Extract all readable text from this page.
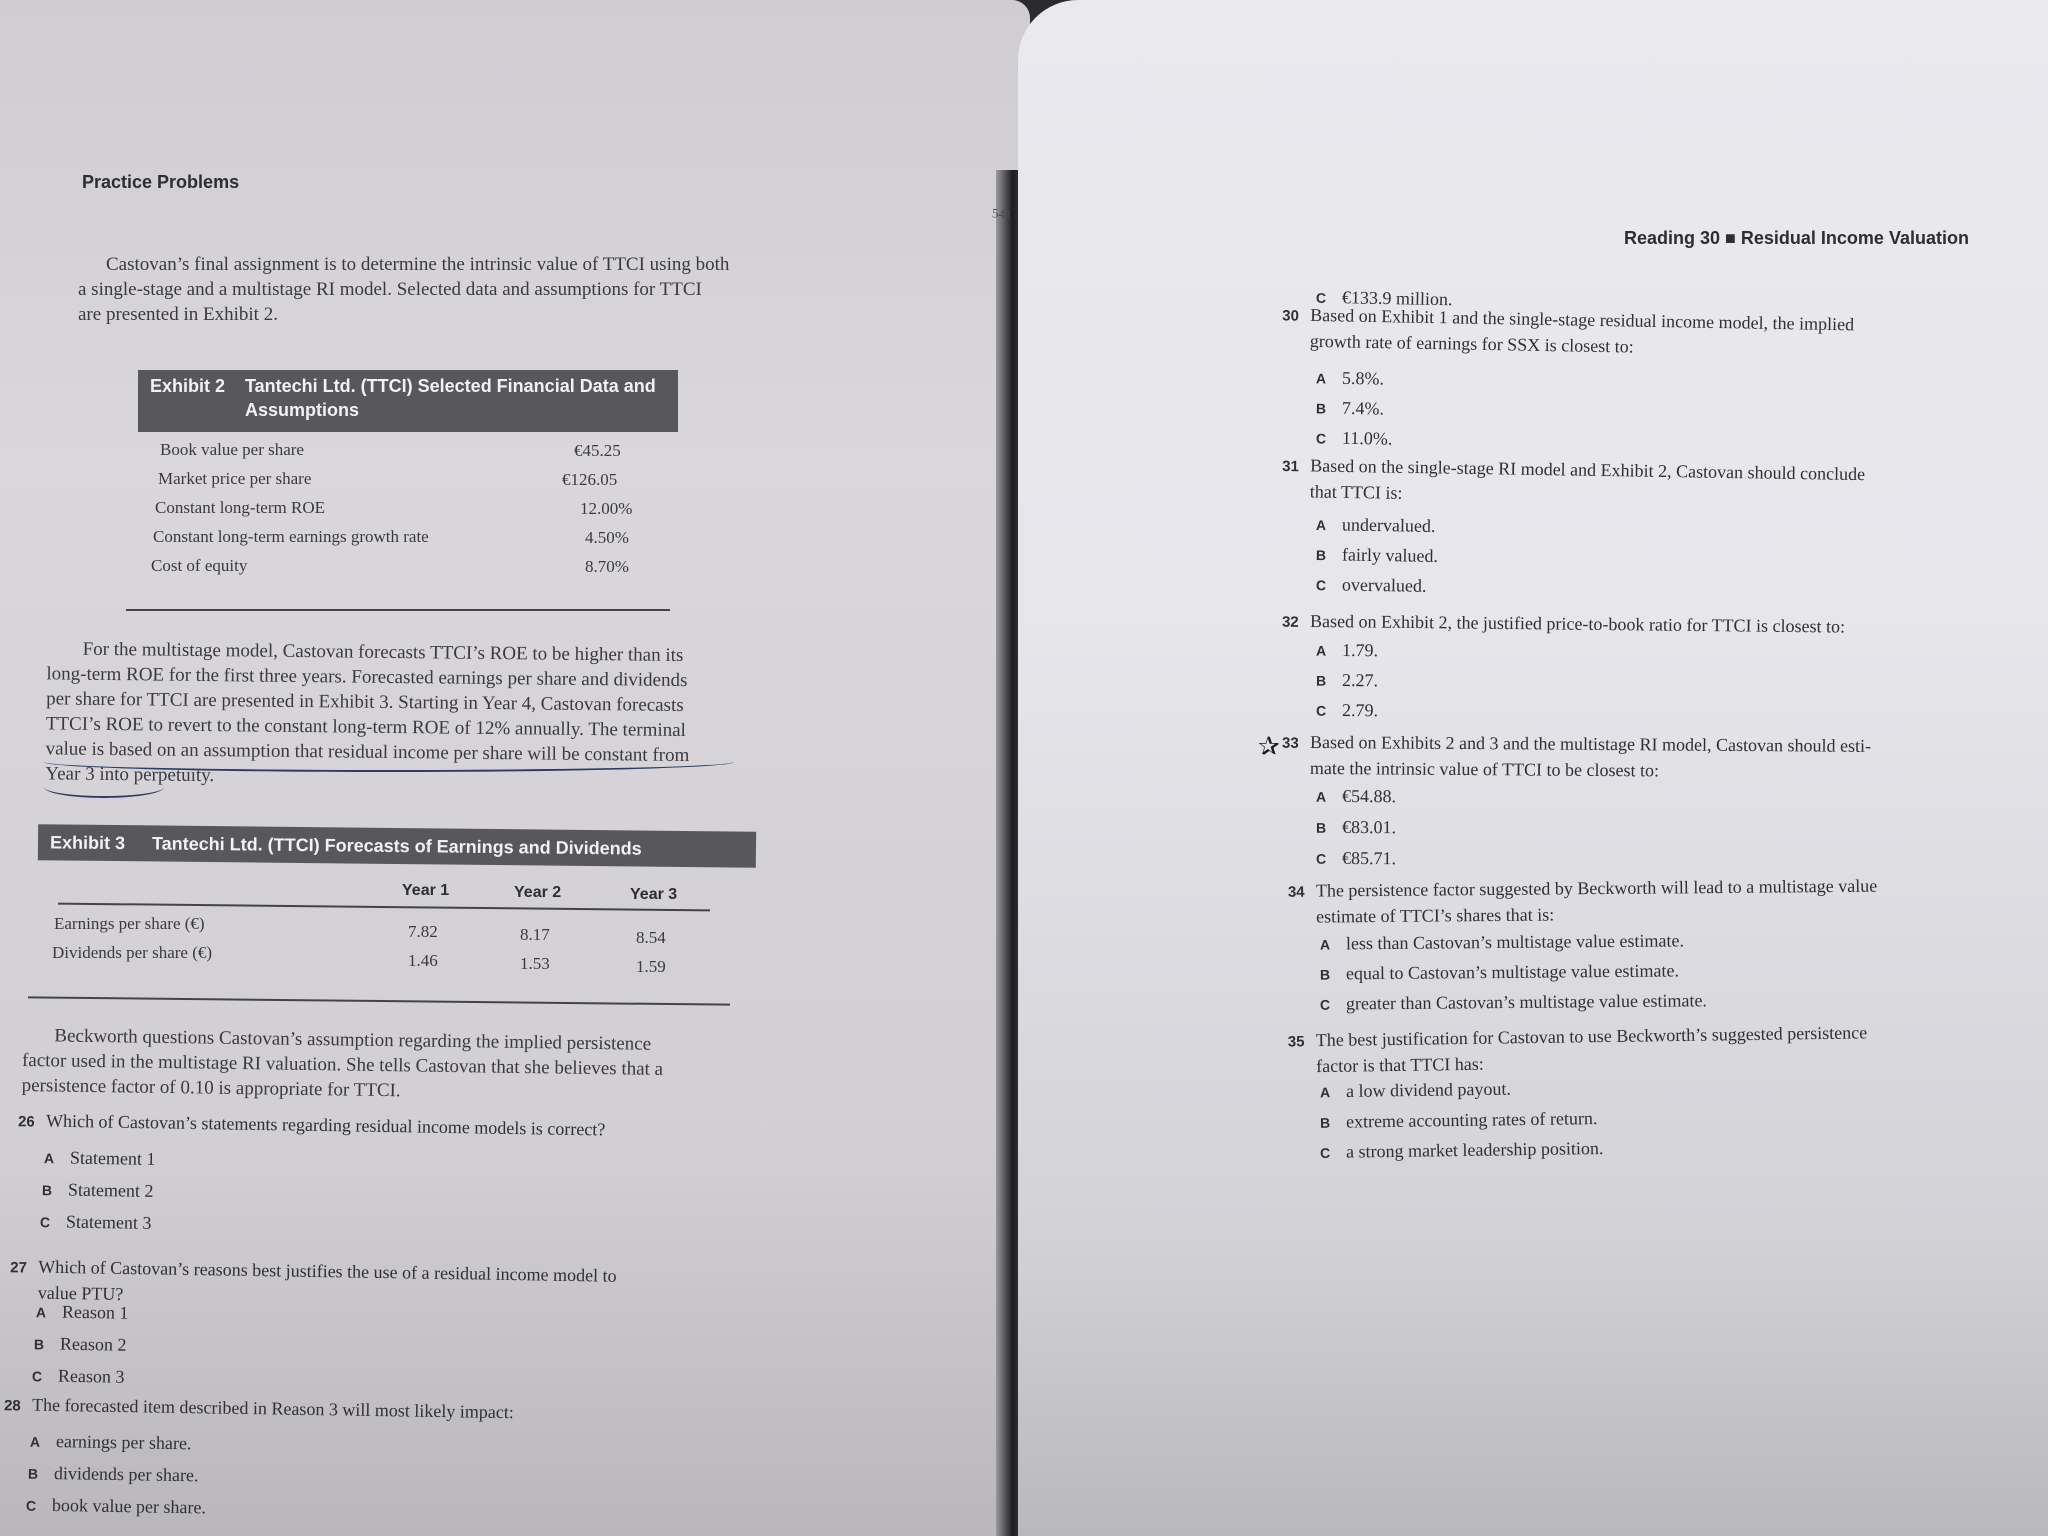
Practice Problems
Castovan’s final assignment is to determine the intrinsic value of TTCI using both
a single-stage and a multistage RI model. Selected data and assumptions for TTCI
are presented in Exhibit 2.
Exhibit 2 Tantechi Ltd. (TTCI) Selected Financial Data and
Assumptions
Book value per share	€45.25
Market price per share	€126.05
Constant long-term ROE	12.00%
Constant long-term earnings growth rate	4.50%
Cost of equity	8.70%
For the multistage model, Castovan forecasts TTCI’s ROE to be higher than its
long-term ROE for the first three years. Forecasted earnings per share and dividends
per share for TTCI are presented in Exhibit 3. Starting in Year 4, Castovan forecasts
TTCI’s ROE to revert to the constant long-term ROE of 12% annually. The terminal
value is based on an assumption that residual income per share will be constant from
Year 3 into perpetuity.
Exhibit 3 Tantechi Ltd. (TTCI) Forecasts of Earnings and Dividends
Year 1	Year 2	Year 3
Earnings per share (€)	7.82	8.17	8.54
Dividends per share (€)	1.46	1.53	1.59
Beckworth questions Castovan’s assumption regarding the implied persistence
factor used in the multistage RI valuation. She tells Castovan that she believes that a
persistence factor of 0.10 is appropriate for TTCI.
26 Which of Castovan’s statements regarding residual income models is correct?
A Statement 1
B Statement 2
C Statement 3
27 Which of Castovan’s reasons best justifies the use of a residual income model to
value PTU?
A Reason 1
B Reason 2
C Reason 3
28 The forecasted item described in Reason 3 will most likely impact:
A earnings per share.
B dividends per share.
C book value per share.
541
Reading 30 ■ Residual Income Valuation
C €133.9 million.
30 Based on Exhibit 1 and the single-stage residual income model, the implied
growth rate of earnings for SSX is closest to:
A 5.8%.
B 7.4%.
C 11.0%.
31 Based on the single-stage RI model and Exhibit 2, Castovan should conclude
that TTCI is:
A undervalued.
B fairly valued.
C overvalued.
32 Based on Exhibit 2, the justified price-to-book ratio for TTCI is closest to:
A 1.79.
B 2.27.
C 2.79.
33 Based on Exhibits 2 and 3 and the multistage RI model, Castovan should esti-
mate the intrinsic value of TTCI to be closest to:
A €54.88.
B €83.01.
C €85.71.
34 The persistence factor suggested by Beckworth will lead to a multistage value
estimate of TTCI’s shares that is:
A less than Castovan’s multistage value estimate.
B equal to Castovan’s multistage value estimate.
C greater than Castovan’s multistage value estimate.
35 The best justification for Castovan to use Beckworth’s suggested persistence
factor is that TTCI has:
A a low dividend payout.
B extreme accounting rates of return.
C a strong market leadership position.
✰
